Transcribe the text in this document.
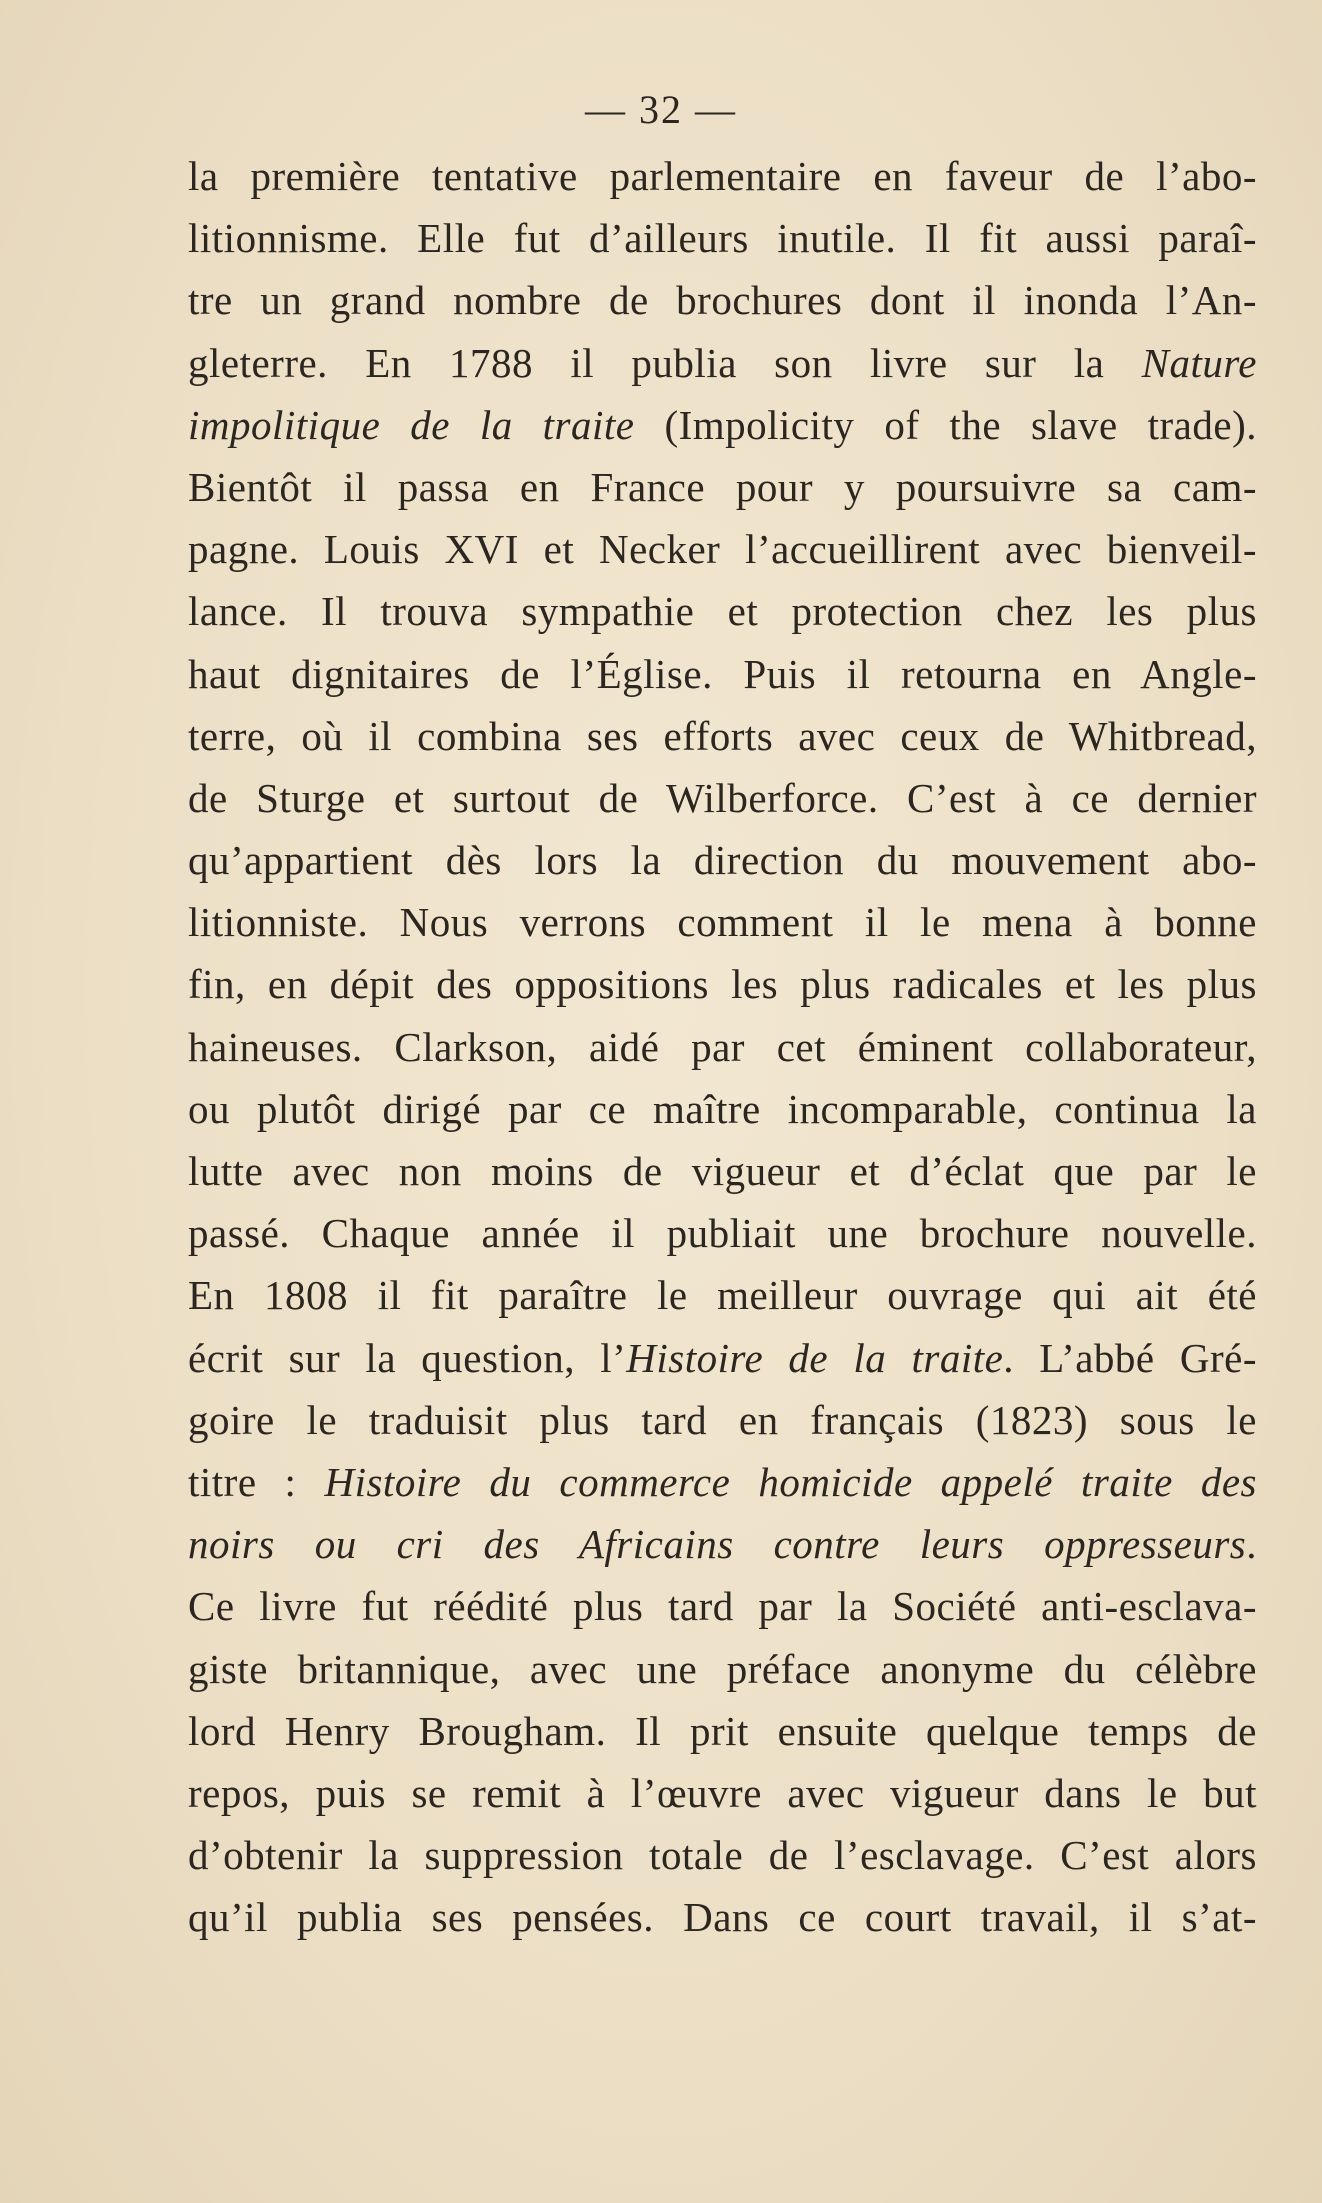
— 32 —
la première tentative parlementaire en faveur de l’abo-
litionnisme. Elle fut d’ailleurs inutile. Il fit aussi paraî-
tre un grand nombre de brochures dont il inonda l’An-
gleterre. En 1788 il publia son livre sur la Nature
impolitique de la traite (Impolicity of the slave trade).
Bientôt il passa en France pour y poursuivre sa cam-
pagne. Louis XVI et Necker l’accueillirent avec bienveil-
lance. Il trouva sympathie et protection chez les plus
haut dignitaires de l’Église. Puis il retourna en Angle-
terre, où il combina ses efforts avec ceux de Whitbread,
de Sturge et surtout de Wilberforce. C’est à ce dernier
qu’appartient dès lors la direction du mouvement abo-
litionniste. Nous verrons comment il le mena à bonne
fin, en dépit des oppositions les plus radicales et les plus
haineuses. Clarkson, aidé par cet éminent collaborateur,
ou plutôt dirigé par ce maître incomparable, continua la
lutte avec non moins de vigueur et d’éclat que par le
passé. Chaque année il publiait une brochure nouvelle.
En 1808 il fit paraître le meilleur ouvrage qui ait été
écrit sur la question, l’Histoire de la traite. L’abbé Gré-
goire le traduisit plus tard en français (1823) sous le
titre : Histoire du commerce homicide appelé traite des
noirs ou cri des Africains contre leurs oppresseurs.
Ce livre fut réédité plus tard par la Société anti-esclava-
giste britannique, avec une préface anonyme du célèbre
lord Henry Brougham. Il prit ensuite quelque temps de
repos, puis se remit à l’œuvre avec vigueur dans le but
d’obtenir la suppression totale de l’esclavage. C’est alors
qu’il publia ses pensées. Dans ce court travail, il s’at-
